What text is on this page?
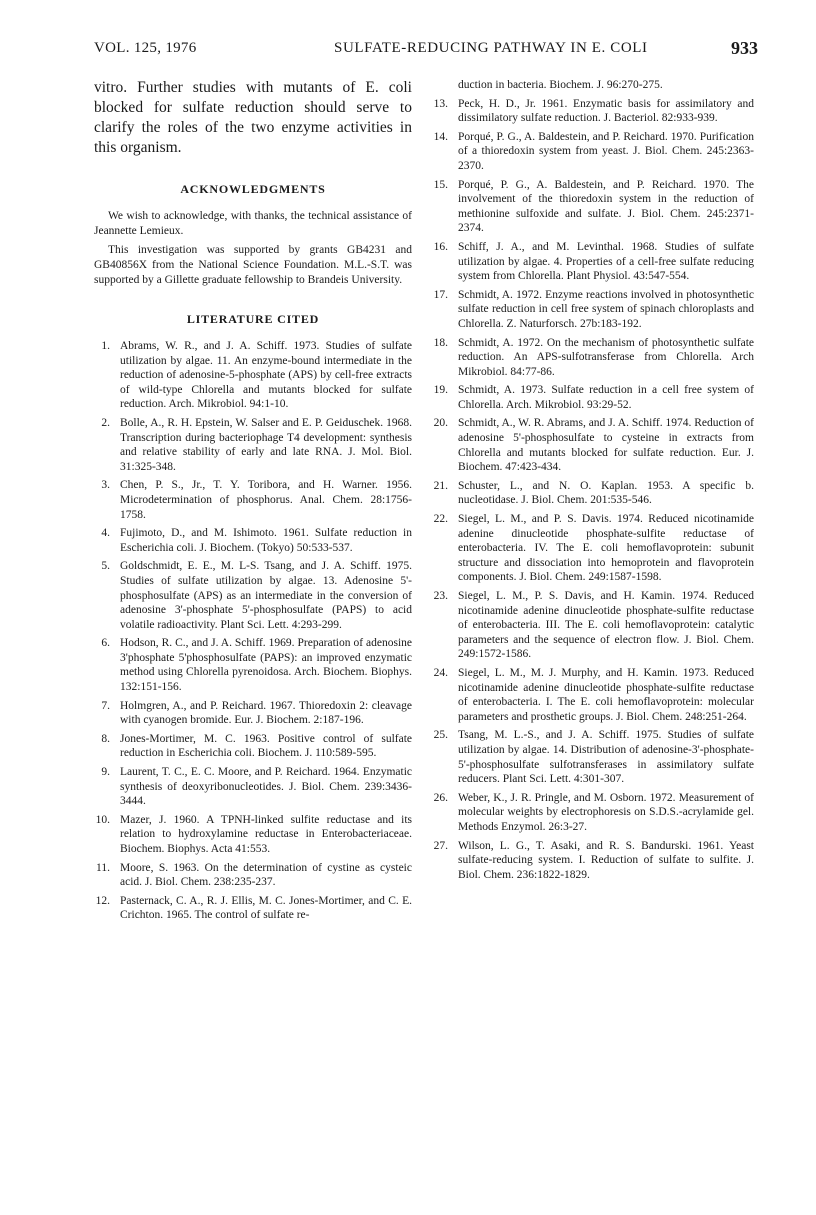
VOL. 125, 1976	SULFATE-REDUCING PATHWAY IN E. COLI	933

vitro. Further studies with mutants of E. coli blocked for sulfate reduction should serve to clarify the roles of the two enzyme activities in this organism.

ACKNOWLEDGMENTS

We wish to acknowledge, with thanks, the technical assistance of Jeannette Lemieux.

This investigation was supported by grants GB4231 and GB40856X from the National Science Foundation. M.L.-S.T. was supported by a Gillette graduate fellowship to Brandeis University.

LITERATURE CITED
1. Abrams, W. R., and J. A. Schiff. 1973. Studies of sulfate utilization by algae. 11. An enzyme-bound intermediate in the reduction of adenosine-5-phosphate (APS) by cell-free extracts of wild-type Chlorella and mutants blocked for sulfate reduction. Arch. Mikrobiol. 94:1-10.
2. Bolle, A., R. H. Epstein, W. Salser and E. P. Geiduschek. 1968. Transcription during bacteriophage T4 development: synthesis and relative stability of early and late RNA. J. Mol. Biol. 31:325-348.
3. Chen, P. S., Jr., T. Y. Toribora, and H. Warner. 1956. Microdetermination of phosphorus. Anal. Chem. 28:1756-1758.
4. Fujimoto, D., and M. Ishimoto. 1961. Sulfate reduction in Escherichia coli. J. Biochem. (Tokyo) 50:533-537.
5. Goldschmidt, E. E., M. L-S. Tsang, and J. A. Schiff. 1975. Studies of sulfate utilization by algae. 13. Adenosine 5'-phosphosulfate (APS) as an intermediate in the conversion of adenosine 3'-phosphate 5'-phosphosulfate (PAPS) to acid volatile radioactivity. Plant Sci. Lett. 4:293-299.
6. Hodson, R. C., and J. A. Schiff. 1969. Preparation of adenosine 3'phosphate 5'phosphosulfate (PAPS): an improved enzymatic method using Chlorella pyrenoidosa. Arch. Biochem. Biophys. 132:151-156.
7. Holmgren, A., and P. Reichard. 1967. Thioredoxin 2: cleavage with cyanogen bromide. Eur. J. Biochem. 2:187-196.
8. Jones-Mortimer, M. C. 1963. Positive control of sulfate reduction in Escherichia coli. Biochem. J. 110:589-595.
9. Laurent, T. C., E. C. Moore, and P. Reichard. 1964. Enzymatic synthesis of deoxyribonucleotides. J. Biol. Chem. 239:3436-3444.
10. Mazer, J. 1960. A TPNH-linked sulfite reductase and its relation to hydroxylamine reductase in Enterobacteriaceae. Biochem. Biophys. Acta 41:553.
11. Moore, S. 1963. On the determination of cystine as cysteic acid. J. Biol. Chem. 238:235-237.
12. Pasternack, C. A., R. J. Ellis, M. C. Jones-Mortimer, and C. E. Crichton. 1965. The control of sulfate re-

duction in bacteria. Biochem. J. 96:270-275.

13. Peck, H. D., Jr. 1961. Enzymatic basis for assimilatory and dissimilatory sulfate reduction. J. Bacteriol. 82:933-939.
14. Porqué, P. G., A. Baldestein, and P. Reichard. 1970. Purification of a thioredoxin system from yeast. J. Biol. Chem. 245:2363-2370.
15. Porqué, P. G., A. Baldestein, and P. Reichard. 1970. The involvement of the thioredoxin system in the reduction of methionine sulfoxide and sulfate. J. Biol. Chem. 245:2371-2374.
16. Schiff, J. A., and M. Levinthal. 1968. Studies of sulfate utilization by algae. 4. Properties of a cell-free sulfate reducing system from Chlorella. Plant Physiol. 43:547-554.
17. Schmidt, A. 1972. Enzyme reactions involved in photosynthetic sulfate reduction in cell free system of spinach chloroplasts and Chlorella. Z. Naturforsch. 27b:183-192.
18. Schmidt, A. 1972. On the mechanism of photosynthetic sulfate reduction. An APS-sulfotransferase from Chlorella. Arch Mikrobiol. 84:77-86.
19. Schmidt, A. 1973. Sulfate reduction in a cell free system of Chlorella. Arch. Mikrobiol. 93:29-52.
20. Schmidt, A., W. R. Abrams, and J. A. Schiff. 1974. Reduction of adenosine 5'-phosphosulfate to cysteine in extracts from Chlorella and mutants blocked for sulfate reduction. Eur. J. Biochem. 47:423-434.
21. Schuster, L., and N. O. Kaplan. 1953. A specific b. nucleotidase. J. Biol. Chem. 201:535-546.
22. Siegel, L. M., and P. S. Davis. 1974. Reduced nicotinamide adenine dinucleotide phosphate-sulfite reductase of enterobacteria. IV. The E. coli hemoflavoprotein: subunit structure and dissociation into hemoprotein and flavoprotein components. J. Biol. Chem. 249:1587-1598.
23. Siegel, L. M., P. S. Davis, and H. Kamin. 1974. Reduced nicotinamide adenine dinucleotide phosphate-sulfite reductase of enterobacteria. III. The E. coli hemoflavoprotein: catalytic parameters and the sequence of electron flow. J. Biol. Chem. 249:1572-1586.
24. Siegel, L. M., M. J. Murphy, and H. Kamin. 1973. Reduced nicotinamide adenine dinucleotide phosphate-sulfite reductase of enterobacteria. I. The E. coli hemoflavoprotein: molecular parameters and prosthetic groups. J. Biol. Chem. 248:251-264.
25. Tsang, M. L.-S., and J. A. Schiff. 1975. Studies of sulfate utilization by algae. 14. Distribution of adenosine-3'-phosphate-5'-phosphosulfate sulfotransferases in assimilatory sulfate reducers. Plant Sci. Lett. 4:301-307.
26. Weber, K., J. R. Pringle, and M. Osborn. 1972. Measurement of molecular weights by electrophoresis on S.D.S.-acrylamide gel. Methods Enzymol. 26:3-27.
27. Wilson, L. G., T. Asaki, and R. S. Bandurski. 1961. Yeast sulfate-reducing system. I. Reduction of sulfate to sulfite. J. Biol. Chem. 236:1822-1829.
